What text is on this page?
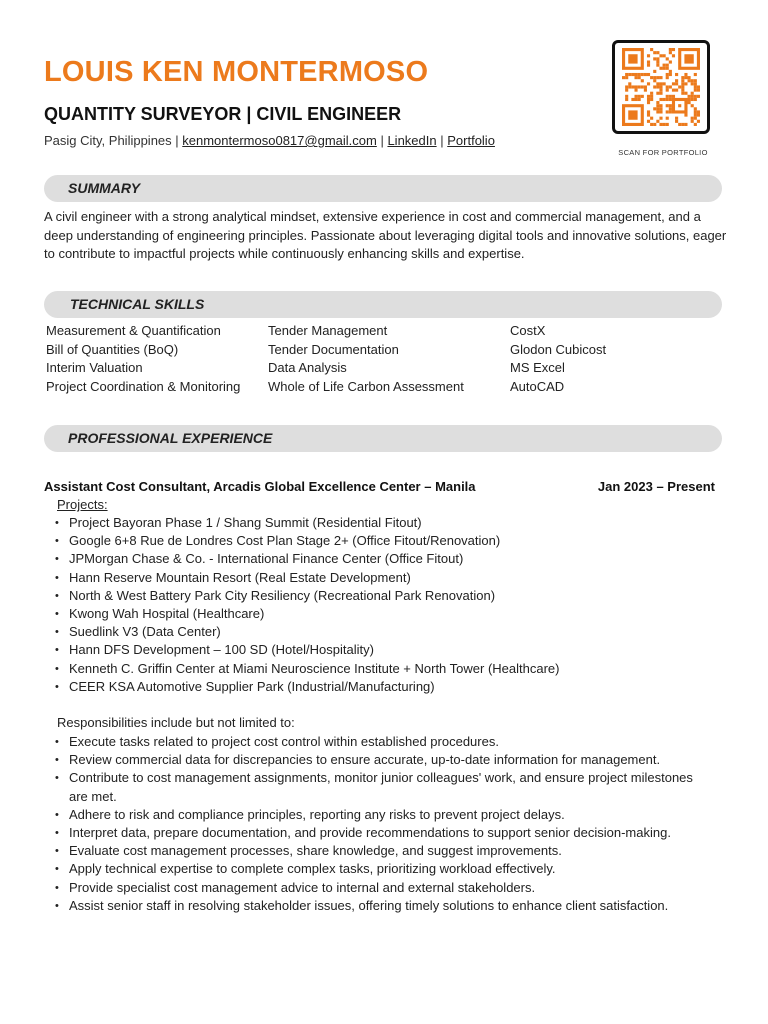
LOUIS KEN MONTERMOSO
QUANTITY SURVEYOR | CIVIL ENGINEER
Pasig City, Philippines | kenmontermoso0817@gmail.com | LinkedIn | Portfolio
SCAN FOR PORTFOLIO
SUMMARY

A civil engineer with a strong analytical mindset, extensive experience in cost and commercial management, and a deep understanding of engineering principles. Passionate about leveraging digital tools and innovative solutions, eager to contribute to impactful projects while continuously enhancing skills and expertise.

TECHNICAL SKILLS
Measurement & Quantification
Bill of Quantities (BoQ)
Interim Valuation
Project Coordination & Monitoring
Tender Management
Tender Documentation
Data Analysis
Whole of Life Carbon Assessment
CostX
Glodon Cubicost
MS Excel
AutoCAD
PROFESSIONAL EXPERIENCE
Assistant Cost Consultant, Arcadis Global Excellence Center – Manila	Jan 2023 – Present
Projects:
• Project Bayoran Phase 1 / Shang Summit (Residential Fitout)
• Google 6+8 Rue de Londres Cost Plan Stage 2+ (Office Fitout/Renovation)
• JPMorgan Chase & Co. - International Finance Center (Office Fitout)
• Hann Reserve Mountain Resort (Real Estate Development)
• North & West Battery Park City Resiliency (Recreational Park Renovation)
• Kwong Wah Hospital (Healthcare)
• Suedlink V3 (Data Center)
• Hann DFS Development – 100 SD (Hotel/Hospitality)
• Kenneth C. Griffin Center at Miami Neuroscience Institute + North Tower (Healthcare)
• CEER KSA Automotive Supplier Park (Industrial/Manufacturing)
Responsibilities include but not limited to:
• Execute tasks related to project cost control within established procedures.
• Review commercial data for discrepancies to ensure accurate, up-to-date information for management.
• Contribute to cost management assignments, monitor junior colleagues' work, and ensure project milestones are met.
• Adhere to risk and compliance principles, reporting any risks to prevent project delays.
• Interpret data, prepare documentation, and provide recommendations to support senior decision-making.
• Evaluate cost management processes, share knowledge, and suggest improvements.
• Apply technical expertise to complete complex tasks, prioritizing workload effectively.
• Provide specialist cost management advice to internal and external stakeholders.
• Assist senior staff in resolving stakeholder issues, offering timely solutions to enhance client satisfaction.
